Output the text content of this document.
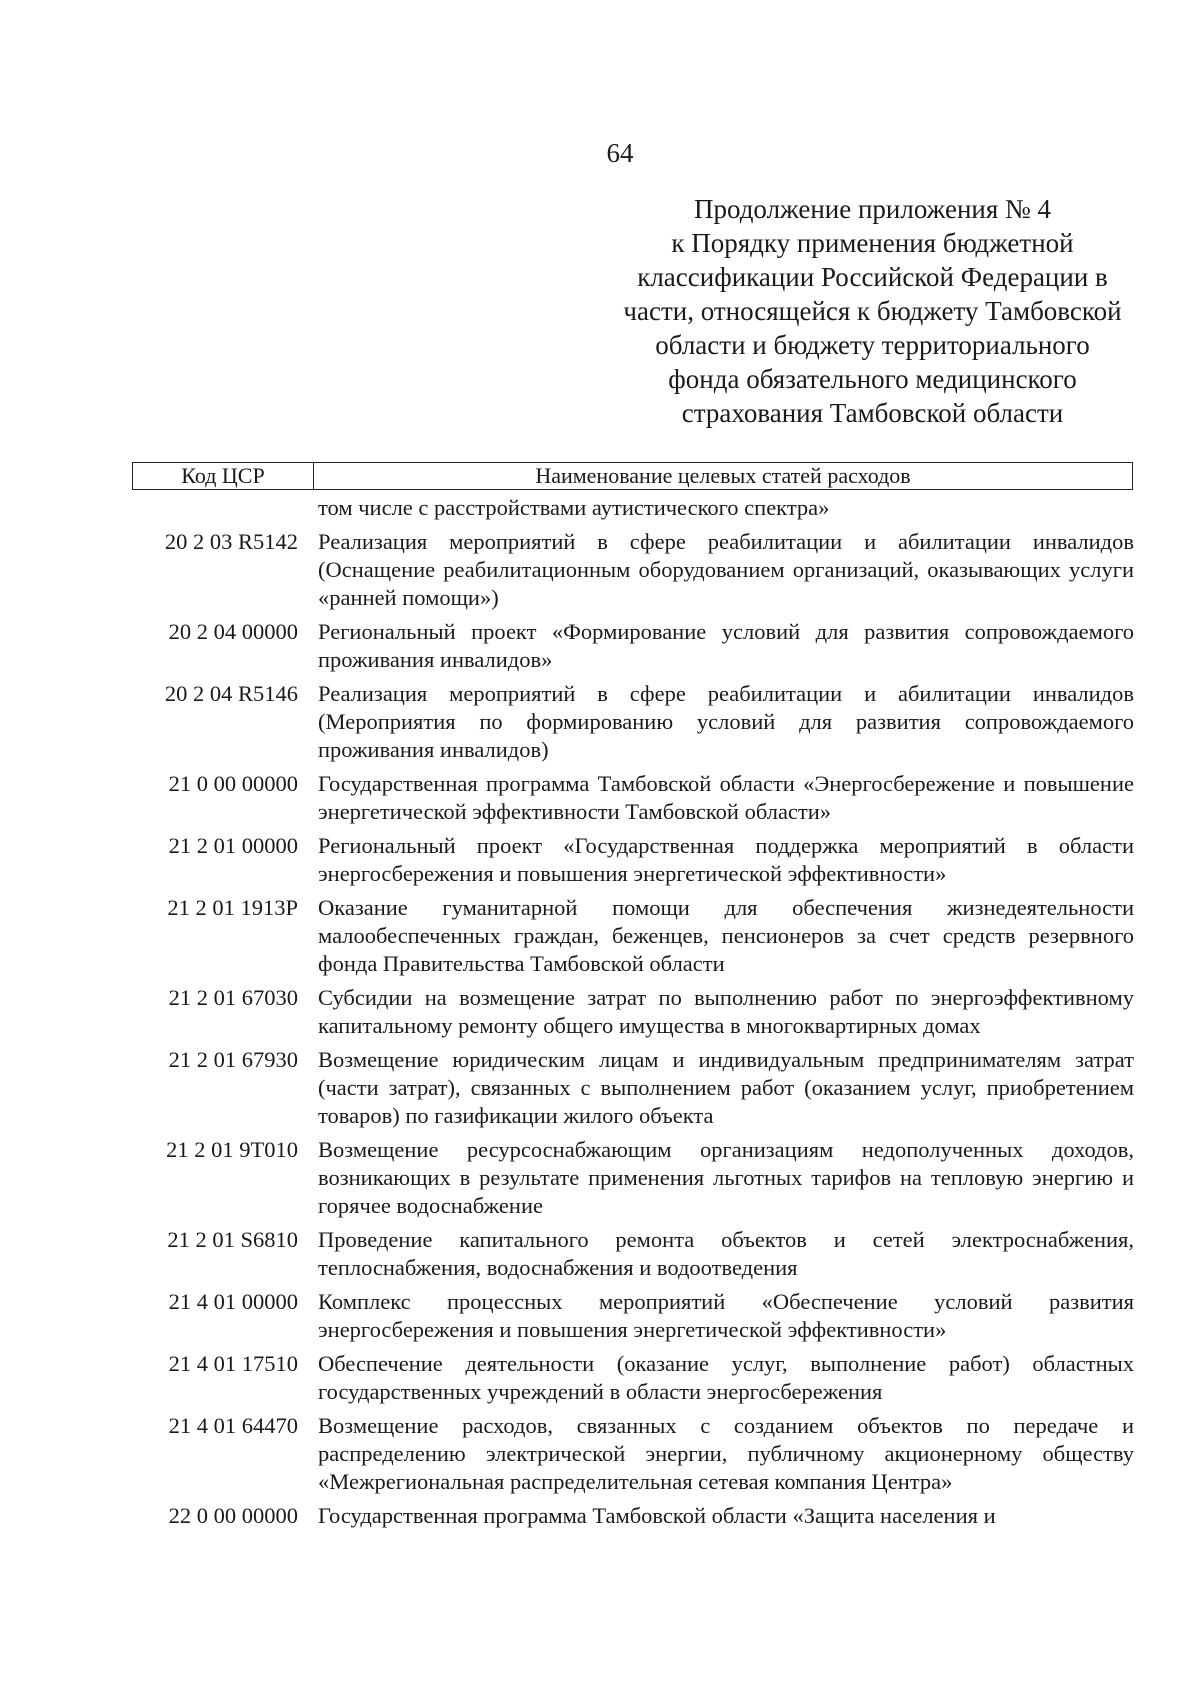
64
Продолжение приложения № 4
к Порядку применения бюджетной
классификации Российской Федерации в
части, относящейся к бюджету Тамбовской
области и бюджету территориального
фонда обязательного медицинского
страхования Тамбовской области
Код ЦСР	Наименование целевых статей расходов
том числе с расстройствами аутистического спектра»
20 2 03 R5142 Реализация мероприятий в сфере реабилитации и абилитации инвалидов (Оснащение реабилитационным оборудованием организаций, оказывающих услуги «ранней помощи»)
20 2 04 00000 Региональный проект «Формирование условий для развития сопровождаемого проживания инвалидов»
20 2 04 R5146 Реализация мероприятий в сфере реабилитации и абилитации инвалидов (Мероприятия по формированию условий для развития сопровождаемого проживания инвалидов)
21 0 00 00000 Государственная программа Тамбовской области «Энергосбережение и повышение энергетической эффективности Тамбовской области»
21 2 01 00000 Региональный проект «Государственная поддержка мероприятий в области энергосбережения и повышения энергетической эффективности»
21 2 01 1913Р Оказание гуманитарной помощи для обеспечения жизнедеятельности малообеспеченных граждан, беженцев, пенсионеров за счет средств резервного фонда Правительства Тамбовской области
21 2 01 67030 Субсидии на возмещение затрат по выполнению работ по энергоэффективному капитальному ремонту общего имущества в многоквартирных домах
21 2 01 67930 Возмещение юридическим лицам и индивидуальным предпринимателям затрат (части затрат), связанных с выполнением работ (оказанием услуг, приобретением товаров) по газификации жилого объекта
21 2 01 9Т010 Возмещение ресурсоснабжающим организациям недополученных доходов, возникающих в результате применения льготных тарифов на тепловую энергию и горячее водоснабжение
21 2 01 S6810 Проведение капитального ремонта объектов и сетей электроснабжения, теплоснабжения, водоснабжения и водоотведения
21 4 01 00000 Комплекс процессных мероприятий «Обеспечение условий развития энергосбережения и повышения энергетической эффективности»
21 4 01 17510 Обеспечение деятельности (оказание услуг, выполнение работ) областных государственных учреждений в области энергосбережения
21 4 01 64470 Возмещение расходов, связанных с созданием объектов по передаче и распределению электрической энергии, публичному акционерному обществу «Межрегиональная распределительная сетевая компания Центра»
22 0 00 00000 Государственная программа Тамбовской области «Защита населения и
